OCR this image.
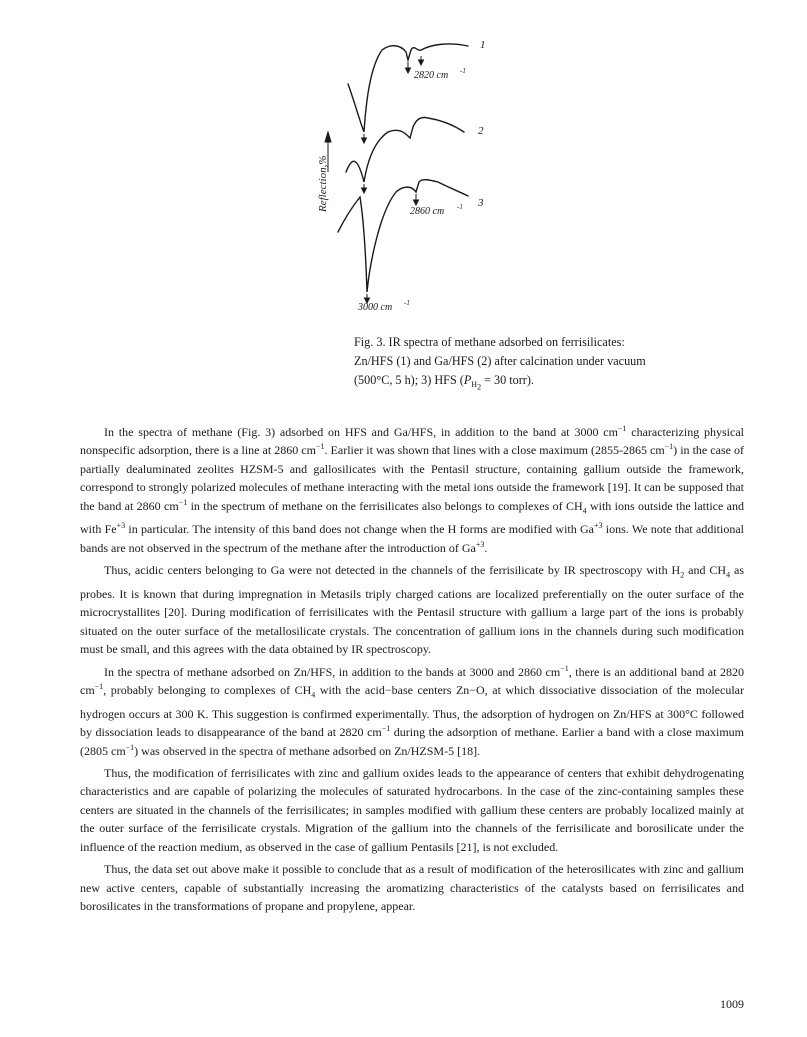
Reflection,%
1
2
3
2820 cm -1
2860 cm -1
3000 cm -1
Fig. 3. IR spectra of methane adsorbed on ferrisilicates:
Zn/HFS (1) and Ga/HFS (2) after calcination under vacuum
(500°C, 5 h); 3) HFS ($P_{H_2} = 30$ torr).

In the spectra of methane (Fig. 3) adsorbed on HFS and Ga/HFS, in addition to the band at 3000 $cm^{-1}$ characterizing physical nonspecific adsorption, there is a line at 2860 $cm^{-1}$. Earlier it was shown that lines with a close maximum (2855-2865 $cm^{-1}$) in the case of partially dealuminated zeolites HZSM-5 and gallosilicates with the Pentasil structure, containing gallium outside the framework, correspond to strongly polarized molecules of methane interacting with the metal ions outside the framework [19]. It can be supposed that the band at 2860 $cm^{-1}$ in the spectrum of methane on the ferrisilicates also belongs to complexes of $CH_4$ with ions outside the lattice and with $Fe^{+3}$ in particular. The intensity of this band does not change when the H forms are modified with $Ga^{+3}$ ions. We note that additional bands are not observed in the spectrum of the methane after the introduction of $Ga^{+3}$.

Thus, acidic centers belonging to Ga were not detected in the channels of the ferrisilicate by IR spectroscopy with $H_2$ and $CH_4$ as probes. It is known that during impregnation in Metasils triply charged cations are localized preferentially on the outer surface of the microcrystallites [20]. During modification of ferrisilicates with the Pentasil structure with gallium a large part of the ions is probably situated on the outer surface of the metallosilicate crystals. The concentration of gallium ions in the channels during such modification must be small, and this agrees with the data obtained by IR spectroscopy.

In the spectra of methane adsorbed on Zn/HFS, in addition to the bands at 3000 and 2860 $cm^{-1}$, there is an additional band at 2820 $cm^{-1}$, probably belonging to complexes of $CH_4$ with the acid−base centers Zn−O, at which dissociative dissociation of the molecular hydrogen occurs at 300 K. This suggestion is confirmed experimentally. Thus, the adsorption of hydrogen on Zn/HFS at 300°C followed by dissociation leads to disappearance of the band at 2820 $cm^{-1}$ during the adsorption of methane. Earlier a band with a close maximum (2805 $cm^{-1}$) was observed in the spectra of methane adsorbed on Zn/HZSM-5 [18].

Thus, the modification of ferrisilicates with zinc and gallium oxides leads to the appearance of centers that exhibit dehydrogenating characteristics and are capable of polarizing the molecules of saturated hydrocarbons. In the case of the zinc-containing samples these centers are situated in the channels of the ferrisilicates; in samples modified with gallium these centers are probably localized mainly at the outer surface of the ferrisilicate crystals. Migration of the gallium into the channels of the ferrisilicate and borosilicate under the influence of the reaction medium, as observed in the case of gallium Pentasils [21], is not excluded.

Thus, the data set out above make it possible to conclude that as a result of modification of the heterosilicates with zinc and gallium new active centers, capable of substantially increasing the aromatizing characteristics of the catalysts based on ferrisilicates and borosilicates in the transformations of propane and propylene, appear.

1009
